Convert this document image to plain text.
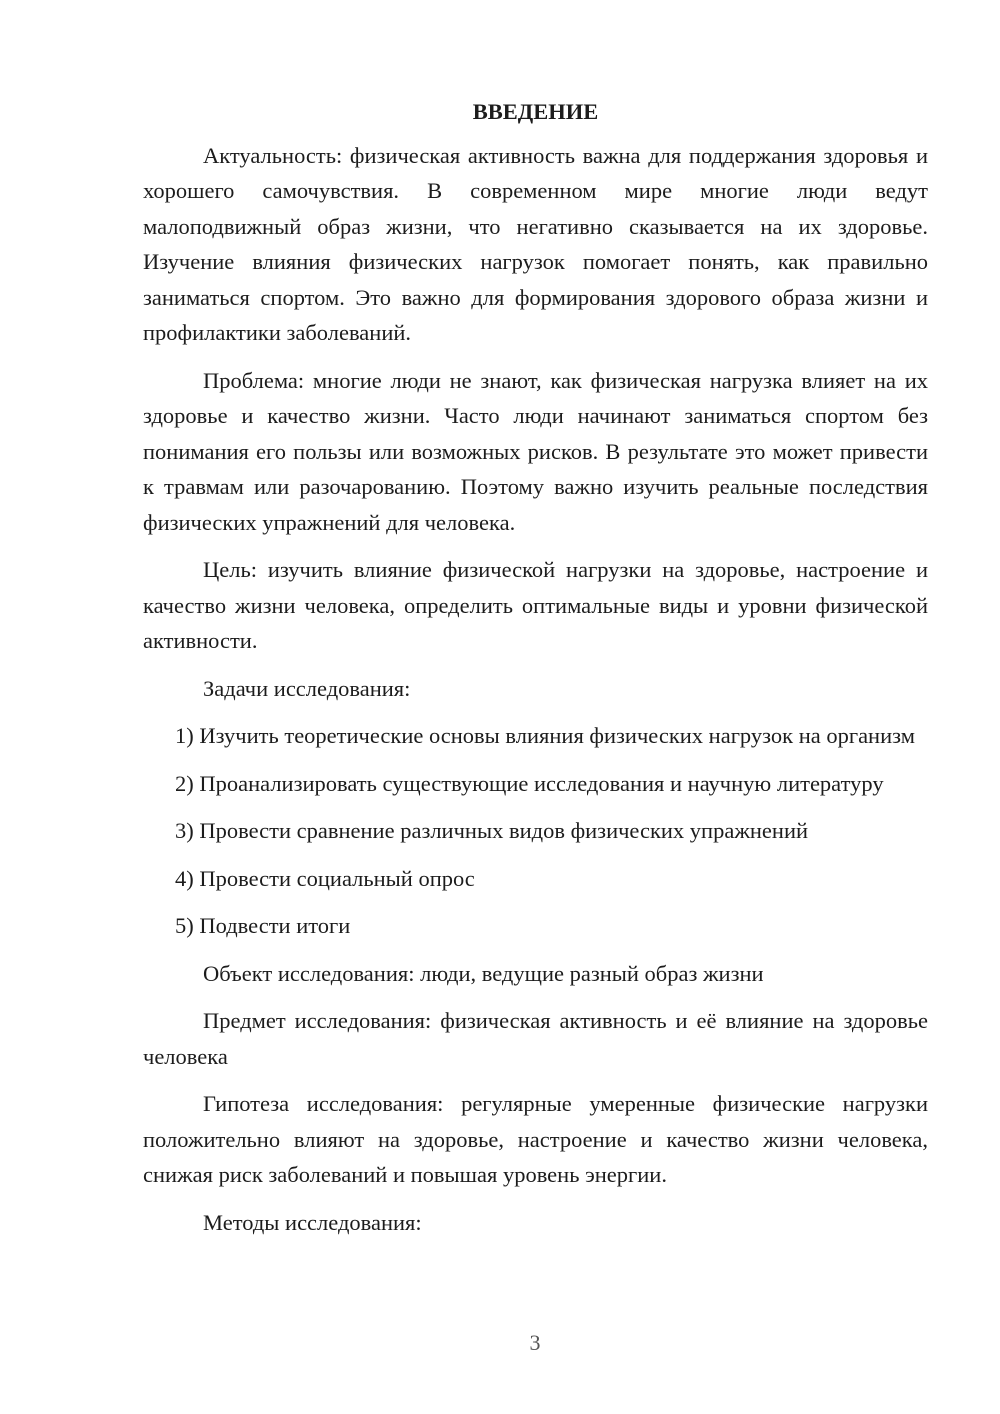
ВВЕДЕНИЕ

Актуальность: физическая активность важна для поддержания здоровья и хорошего самочувствия. В современном мире многие люди ведут малоподвижный образ жизни, что негативно сказывается на их здоровье. Изучение влияния физических нагрузок помогает понять, как правильно заниматься спортом. Это важно для формирования здорового образа жизни и профилактики заболеваний.

Проблема: многие люди не знают, как физическая нагрузка влияет на их здоровье и качество жизни. Часто люди начинают заниматься спортом без понимания его пользы или возможных рисков. В результате это может привести к травмам или разочарованию. Поэтому важно изучить реальные последствия физических упражнений для человека.

Цель: изучить влияние физической нагрузки на здоровье, настроение и качество жизни человека, определить оптимальные виды и уровни физической активности.

Задачи исследования:

1) Изучить теоретические основы влияния физических нагрузок на организм

2) Проанализировать существующие исследования и научную литературу

3) Провести сравнение различных видов физических упражнений

4) Провести социальный опрос

5) Подвести итоги

Объект исследования: люди, ведущие разный образ жизни

Предмет исследования: физическая активность и её влияние на здоровье человека

Гипотеза исследования: регулярные умеренные физические нагрузки положительно влияют на здоровье, настроение и качество жизни человека, снижая риск заболеваний и повышая уровень энергии.

Методы исследования:

3
